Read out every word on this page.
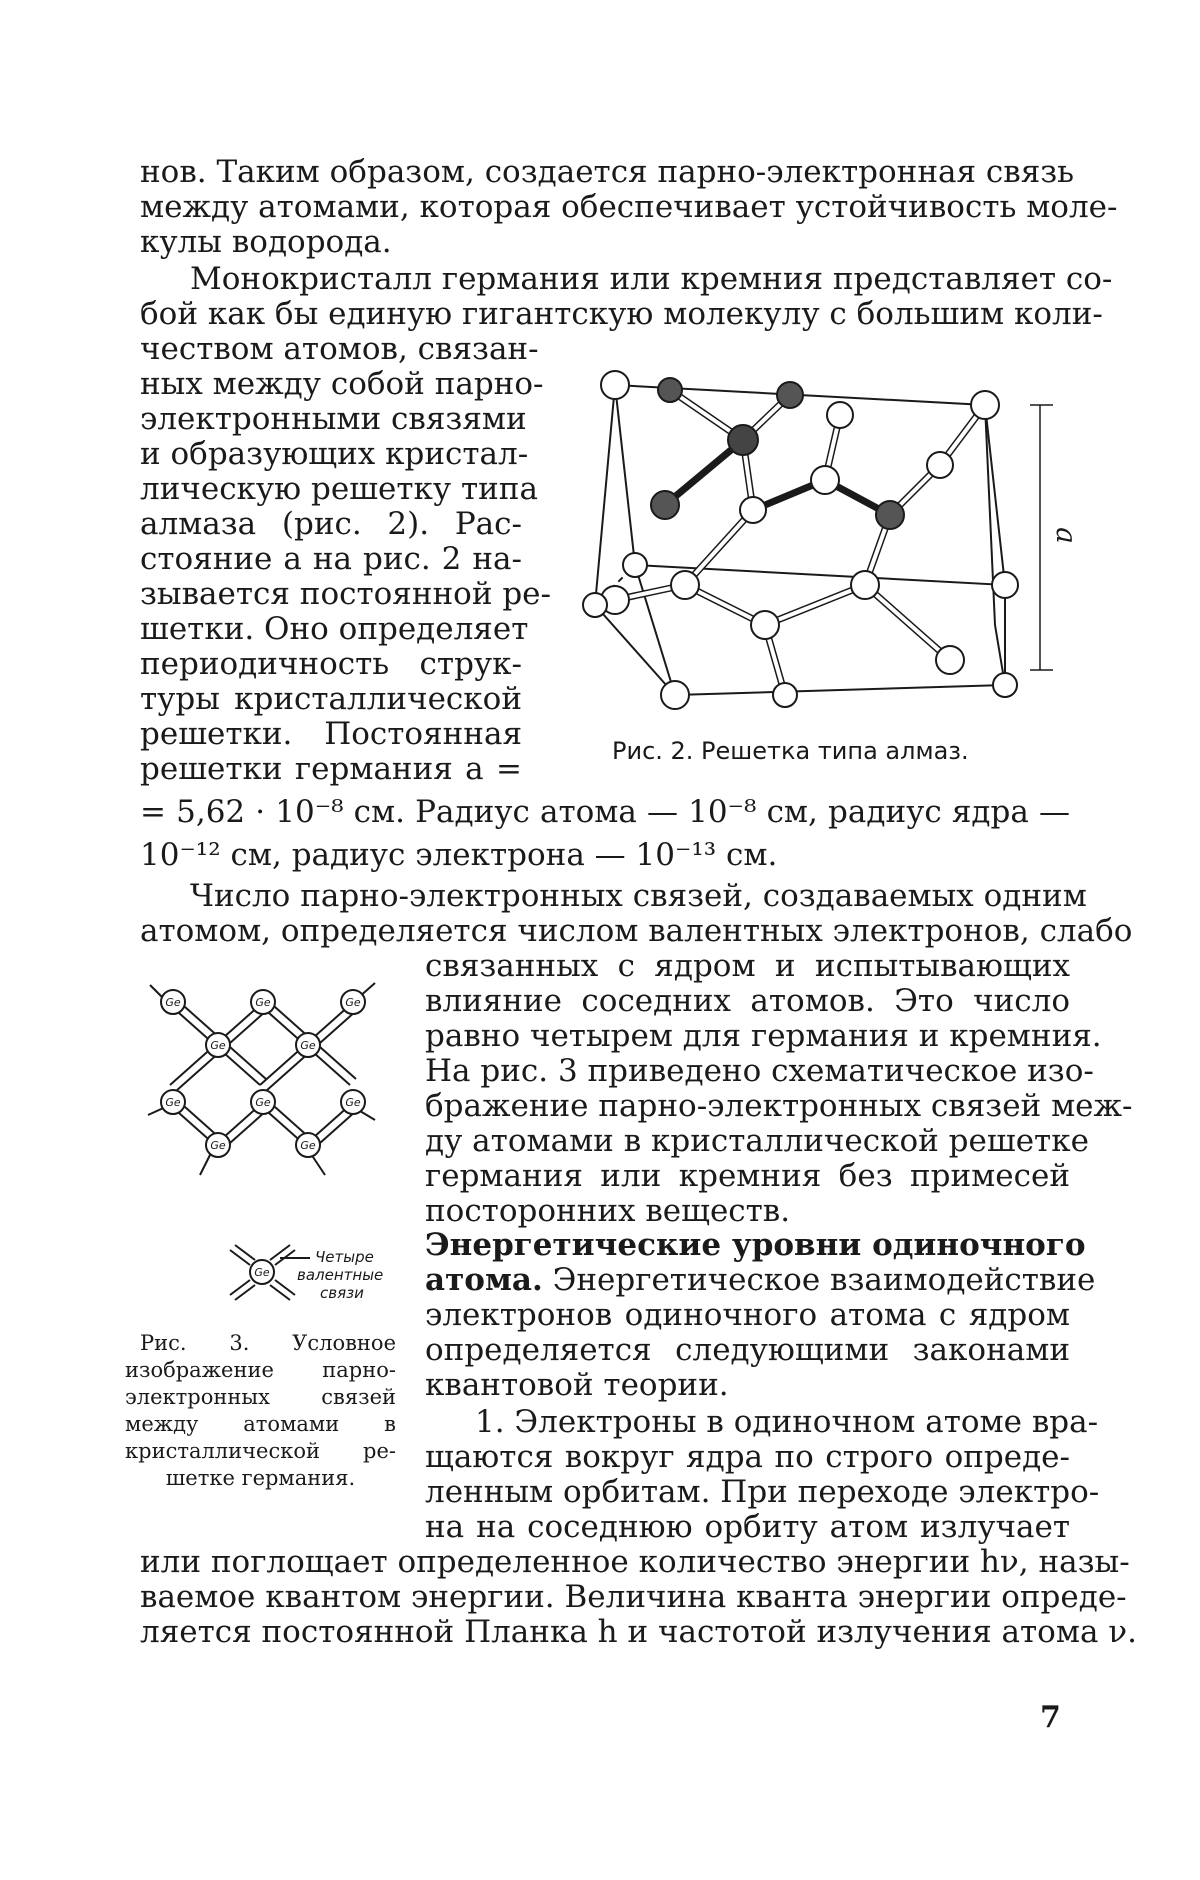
нов. Таким образом, создается парно-электронная связь
между атомами, которая обеспечивает устойчивость моле-
кулы водорода.
Монокристалл германия или кремния представляет со-
бой как бы единую гигантскую молекулу с большим коли-
чеством атомов, связан-
ных между собой парно-
электронными связями
и образующих кристал-
лическую решетку типа
алмаза (рис. 2). Рас-
стояние a на рис. 2 на-
зывается постоянной ре-
шетки. Оно определяет
периодичность струк-
туры кристаллической
решетки. Постоянная
решетки германия a =
a
Рис. 2. Решетка типа алмаз.
= 5,62 · 10⁻⁸ см. Радиус атома — 10⁻⁸ см, радиус ядра —
10⁻¹² см, радиус электрона — 10⁻¹³ см.
Число парно-электронных связей, создаваемых одним
атомом, определяется числом валентных электронов, слабо
связанных с ядром и испытывающих
влияние соседних атомов. Это число
равно четырем для германия и кремния.
На рис. 3 приведено схематическое изо-
бражение парно-электронных связей меж-
ду атомами в кристаллической решетке
германия или кремния без примесей
посторонних веществ.
Ge	Ge	Ge
Ge	Ge
Ge	Ge	Ge
Ge	Ge
Ge
Четыре
валентные
связи
Рис. 3. Условное
изображение парно-
электронных связей
между атомами в
кристаллической ре-
шетке германия.
Энергетические уровни одиночного
атома. Энергетическое взаимодействие
электронов одиночного атома с ядром
определяется следующими законами
квантовой теории.
1. Электроны в одиночном атоме вра-
щаются вокруг ядра по строго опреде-
ленным орбитам. При переходе электро-
на на соседнюю орбиту атом излучает
или поглощает определенное количество энергии hν, назы-
ваемое квантом энергии. Величина кванта энергии опреде-
ляется постоянной Планка h и частотой излучения атома ν.
7
